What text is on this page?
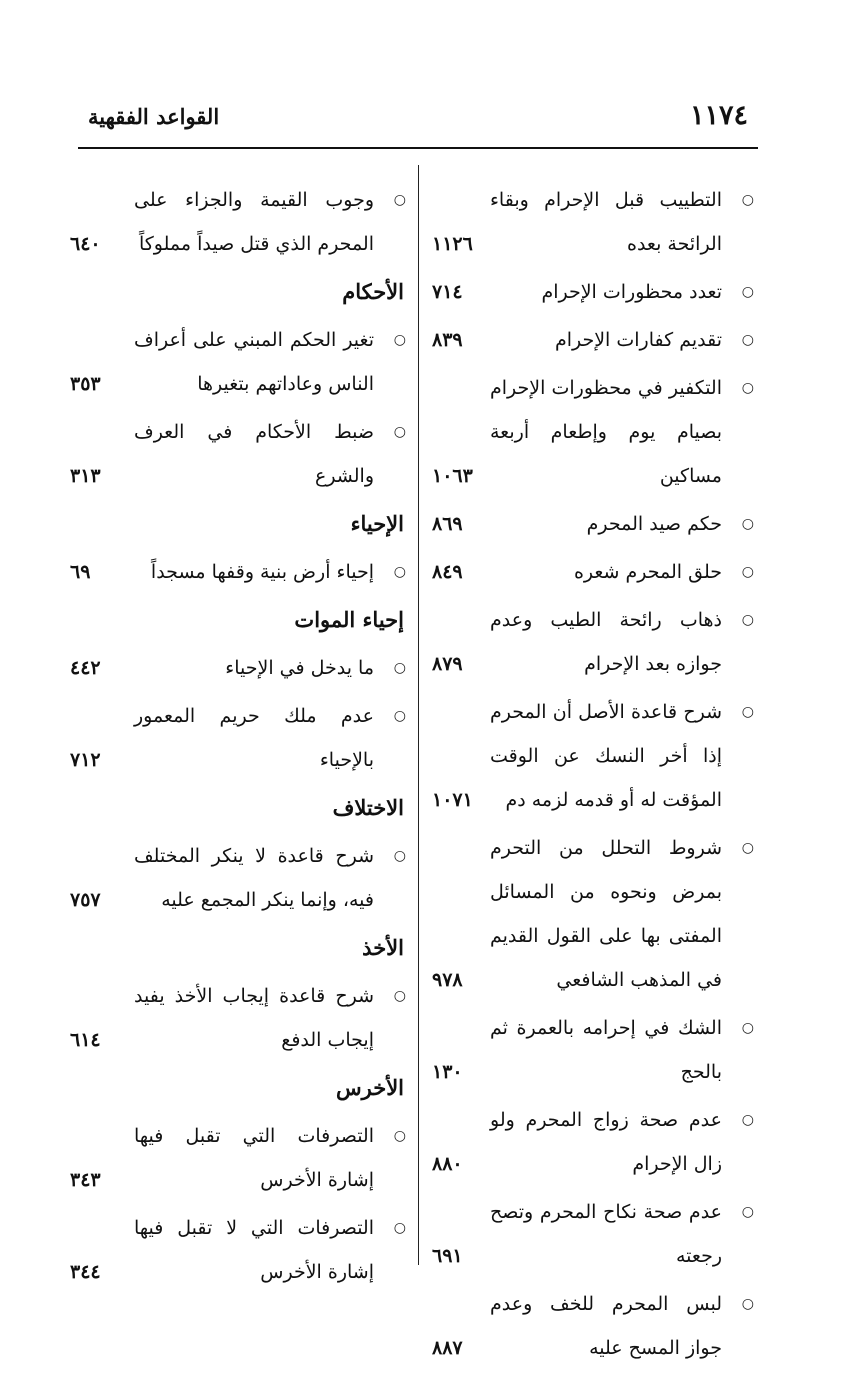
١١٧٤
القواعد الفقهية
○
التطييب قبل الإحرام وبقاء الرائحة بعده
١١٢٦
○
تعدد محظورات الإحرام
٧١٤
○
تقديم كفارات الإحرام
٨٣٩
○
التكفير في محظورات الإحرام بصيام يوم وإطعام أربعة مساكين
١٠٦٣
○
حكم صيد المحرم
٨٦٩
○
حلق المحرم شعره
٨٤٩
○
ذهاب رائحة الطيب وعدم جوازه بعد الإحرام
٨٧٩
○
شرح قاعدة الأصل أن المحرم إذا أخر النسك عن الوقت المؤقت له أو قدمه لزمه دم
١٠٧١
○
شروط التحلل من التحرم بمرض ونحوه من المسائل المفتى بها على القول القديم في المذهب الشافعي
٩٧٨
○
الشك في إحرامه بالعمرة ثم بالحج
١٣٠
○
عدم صحة زواج المحرم ولو زال الإحرام
٨٨٠
○
عدم صحة نكاح المحرم وتصح رجعته
٦٩١
○
لبس المحرم للخف وعدم جواز المسح عليه
٨٨٧
○
وجوب القيمة والجزاء على المحرم الذي قتل صيداً مملوكاً
٦٤٠
الأحكام
○
تغير الحكم المبني على أعراف الناس وعاداتهم بتغيرها
٣٥٣
○
ضبط الأحكام في العرف والشرع
٣١٣
الإحياء
○
إحياء أرض بنية وقفها مسجداً
٦٩
إحياء الموات
○
ما يدخل في الإحياء
٤٤٢
○
عدم ملك حريم المعمور بالإحياء
٧١٢
الاختلاف
○
شرح قاعدة لا ينكر المختلف فيه، وإنما ينكر المجمع عليه
٧٥٧
الأخذ
○
شرح قاعدة إيجاب الأخذ يفيد إيجاب الدفع
٦١٤
الأخرس
○
التصرفات التي تقبل فيها إشارة الأخرس
٣٤٣
○
التصرفات التي لا تقبل فيها إشارة الأخرس
٣٤٤
